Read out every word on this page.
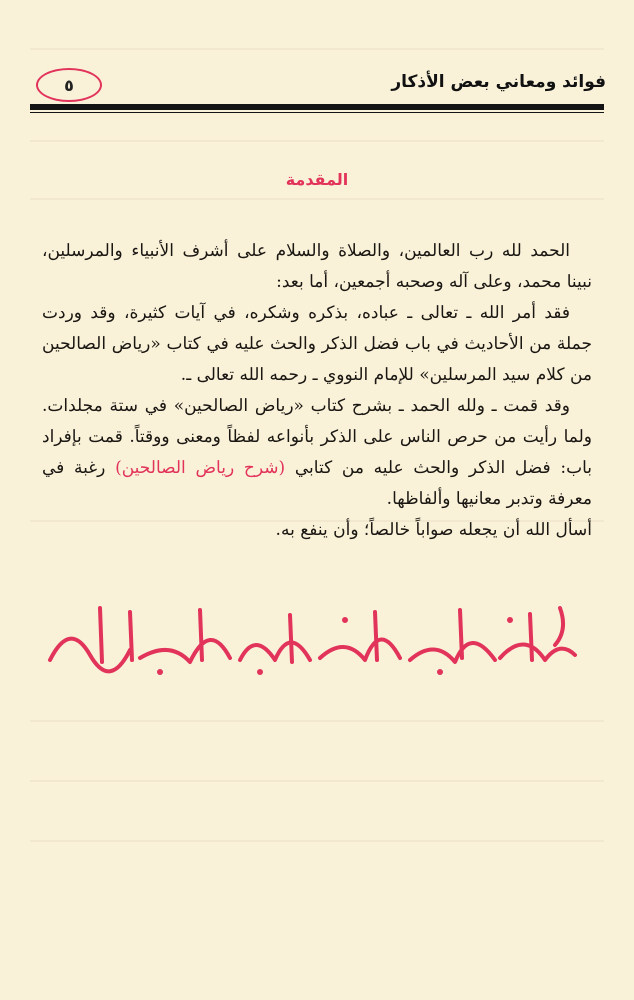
فوائد ومعاني بعض الأذكار
٥
المقدمة

الحمد لله رب العالمين، والصلاة والسلام على أشرف الأنبياء والمرسلين، نبينا محمد، وعلى آله وصحبه أجمعين، أما بعد:

فقد أمر الله ـ تعالى ـ عباده، بذكره وشكره، في آيات كثيرة، وقد وردت جملة من الأحاديث في باب فضل الذكر والحث عليه في كتاب «رياض الصالحين من كلام سيد المرسلين» للإمام النووي ـ رحمه الله تعالى ـ.

وقد قمت ـ ولله الحمد ـ بشرح كتاب «رياض الصالحين» في ستة مجلدات. ولما رأيت من حرص الناس على الذكر بأنواعه لفظاً ومعنى ووقتاً. قمت بإفراد باب: فضل الذكر والحث عليه من كتابي (شرح رياض الصالحين) رغبة في معرفة وتدبر معانيها وألفاظها.

أسأل الله أن يجعله صواباً خالصاً؛ وأن ينفع به.
